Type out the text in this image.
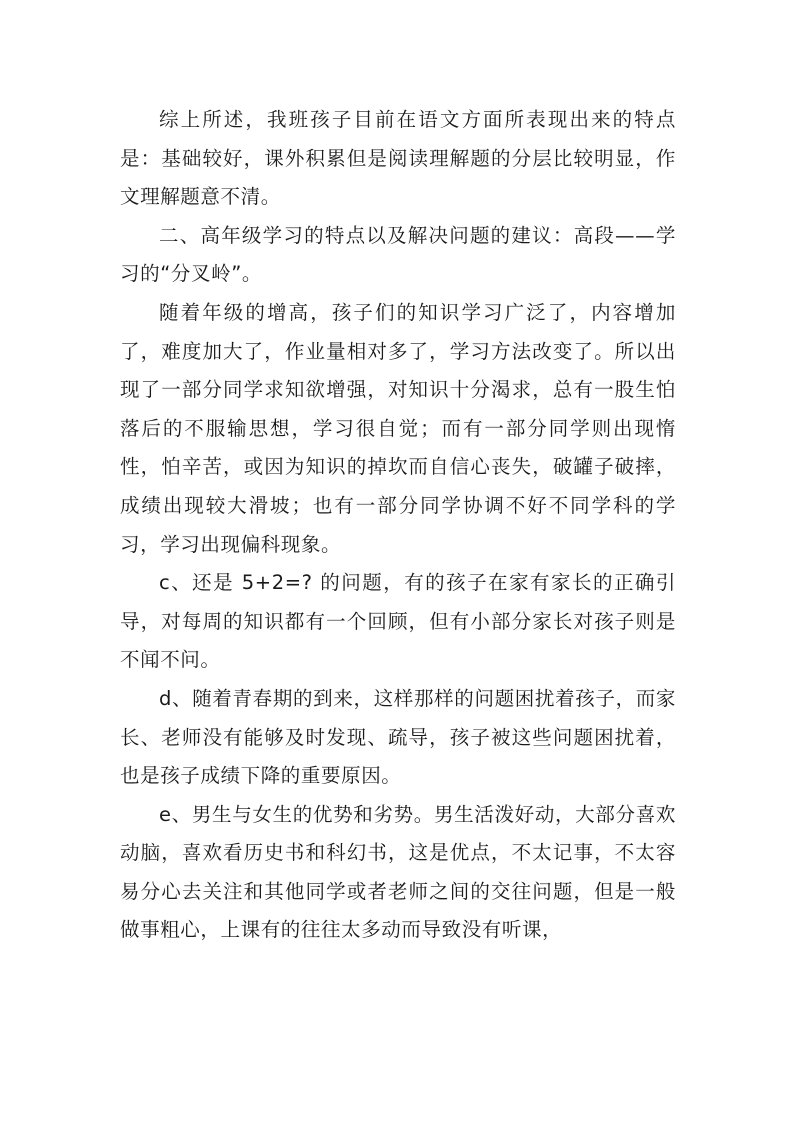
综上所述，我班孩子目前在语文方面所表现出来的特点是：基础较好，课外积累但是阅读理解题的分层比较明显，作文理解题意不清。

二、高年级学习的特点以及解决问题的建议：高段——学习的“分叉岭”。

随着年级的增高，孩子们的知识学习广泛了，内容增加了，难度加大了，作业量相对多了，学习方法改变了。所以出现了一部分同学求知欲增强，对知识十分渴求，总有一股生怕落后的不服输思想，学习很自觉；而有一部分同学则出现惰性，怕辛苦，或因为知识的掉坎而自信心丧失，破罐子破摔，成绩出现较大滑坡；也有一部分同学协调不好不同学科的学习，学习出现偏科现象。

c、还是 5+2=? 的问题，有的孩子在家有家长的正确引导，对每周的知识都有一个回顾，但有小部分家长对孩子则是不闻不问。

d、随着青春期的到来，这样那样的问题困扰着孩子，而家长、老师没有能够及时发现、疏导，孩子被这些问题困扰着，也是孩子成绩下降的重要原因。

e、男生与女生的优势和劣势。男生活泼好动，大部分喜欢动脑，喜欢看历史书和科幻书，这是优点，不太记事，不太容易分心去关注和其他同学或者老师之间的交往问题，但是一般做事粗心，上课有的往往太多动而导致没有听课，
